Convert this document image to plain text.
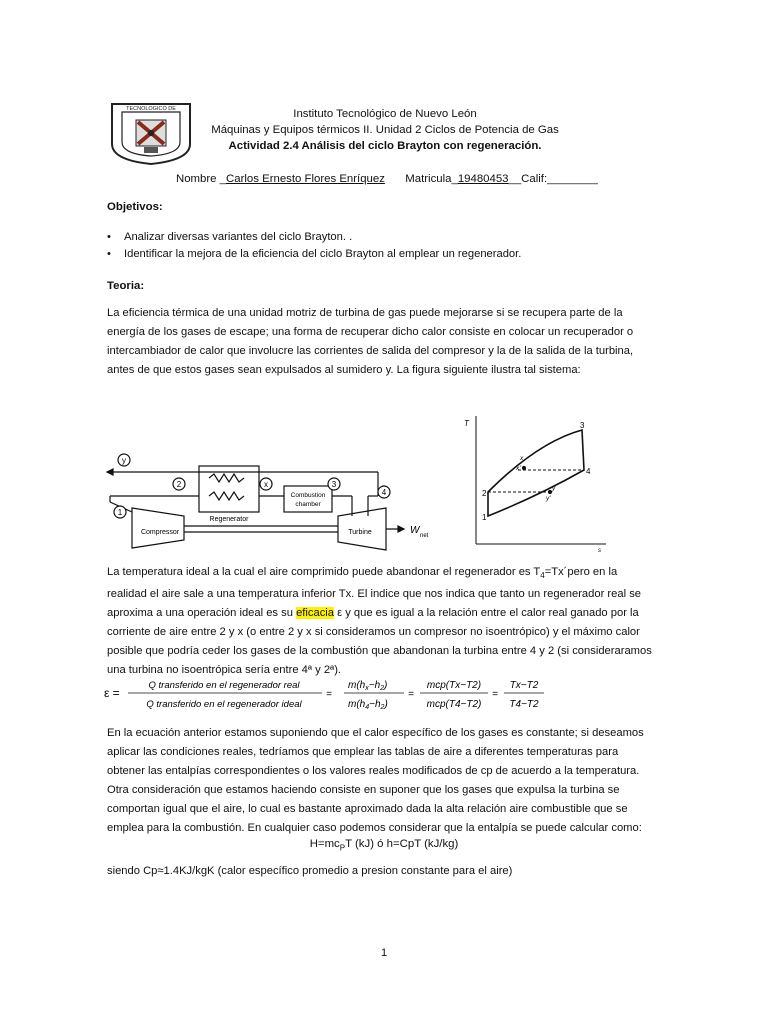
TECNOLOGICO DE	Instituto Tecnológico de Nuevo León
Máquinas y Equipos térmicos II. Unidad 2 Ciclos de Potencia de Gas
Actividad 2.4 Análisis del ciclo Brayton con regeneración.
Nombre _Carlos Ernesto Flores Enríquez Matricula_19480453__Calif:________
Objetivos:
• Analizar diversas variantes del ciclo Brayton. .
• Identificar la mejora de la eficiencia del ciclo Brayton al emplear un regenerador.
Teoria:
La eficiencia térmica de una unidad motriz de turbina de gas puede mejorarse si se recupera parte de la energía de los gases de escape; una forma de recuperar dicho calor consiste en colocar un recuperador o intercambiador de calor que involucre las corrientes de salida del compresor y la de la salida de la turbina, antes de que estos gases sean expulsados al sumidero y. La figura siguiente ilustra tal sistema:
y
2	x	3
4
1
Regenerator
Combustion
chamber
Compressor	Turbine	W net
T
s
1
2
3
4
x'
x
y
y'
La temperatura ideal a la cual el aire comprimido puede abandonar el regenerador es $T_4=Tx´pero$ en la realidad el aire sale a una temperatura inferior Tx. El indice que nos indica que tanto un regenerador real se aproxima a una operación ideal es su eficacia ε y que es igual a la relación entre el calor real ganado por la corriente de aire entre 2 y x (o entre 2 y x si consideramos un compresor no isoentrópico) y el máximo calor posible que podría ceder los gases de la combustión que abandonan la turbina entre 4 y 2 (si consideraramos una turbina no isoentrópica sería entre 4ª y 2ª).
ε =
Q transferido en el regenerador real
Q transferido en el regenerador ideal
=
$m(h_x-h_2)$
$m(h_4-h_2)$
=
mcp(Tx−T2)
mcp(T4−T2)
=
Tx−T2
T4−T2
En la ecuación anterior estamos suponiendo que el calor específico de los gases es constante; si deseamos aplicar las condiciones reales, tedríamos que emplear las tablas de aire a diferentes temperaturas para obtener las entalpías correspondientes o los valores reales modificados de cp de acuerdo a la temperatura. Otra consideración que estamos haciendo consiste en suponer que los gases que expulsa la turbina se comportan igual que el aire, lo cual es bastante aproximado dada la alta relación aire combustible que se emplea para la combustión. En cualquier caso podemos considerar que la entalpía se puede calcular como:
$H=mc_PT$ (kJ) ó h=CpT (kJ/kg)
siendo Cp≈1.4KJ/kgK (calor específico promedio a presion constante para el aire)
1
